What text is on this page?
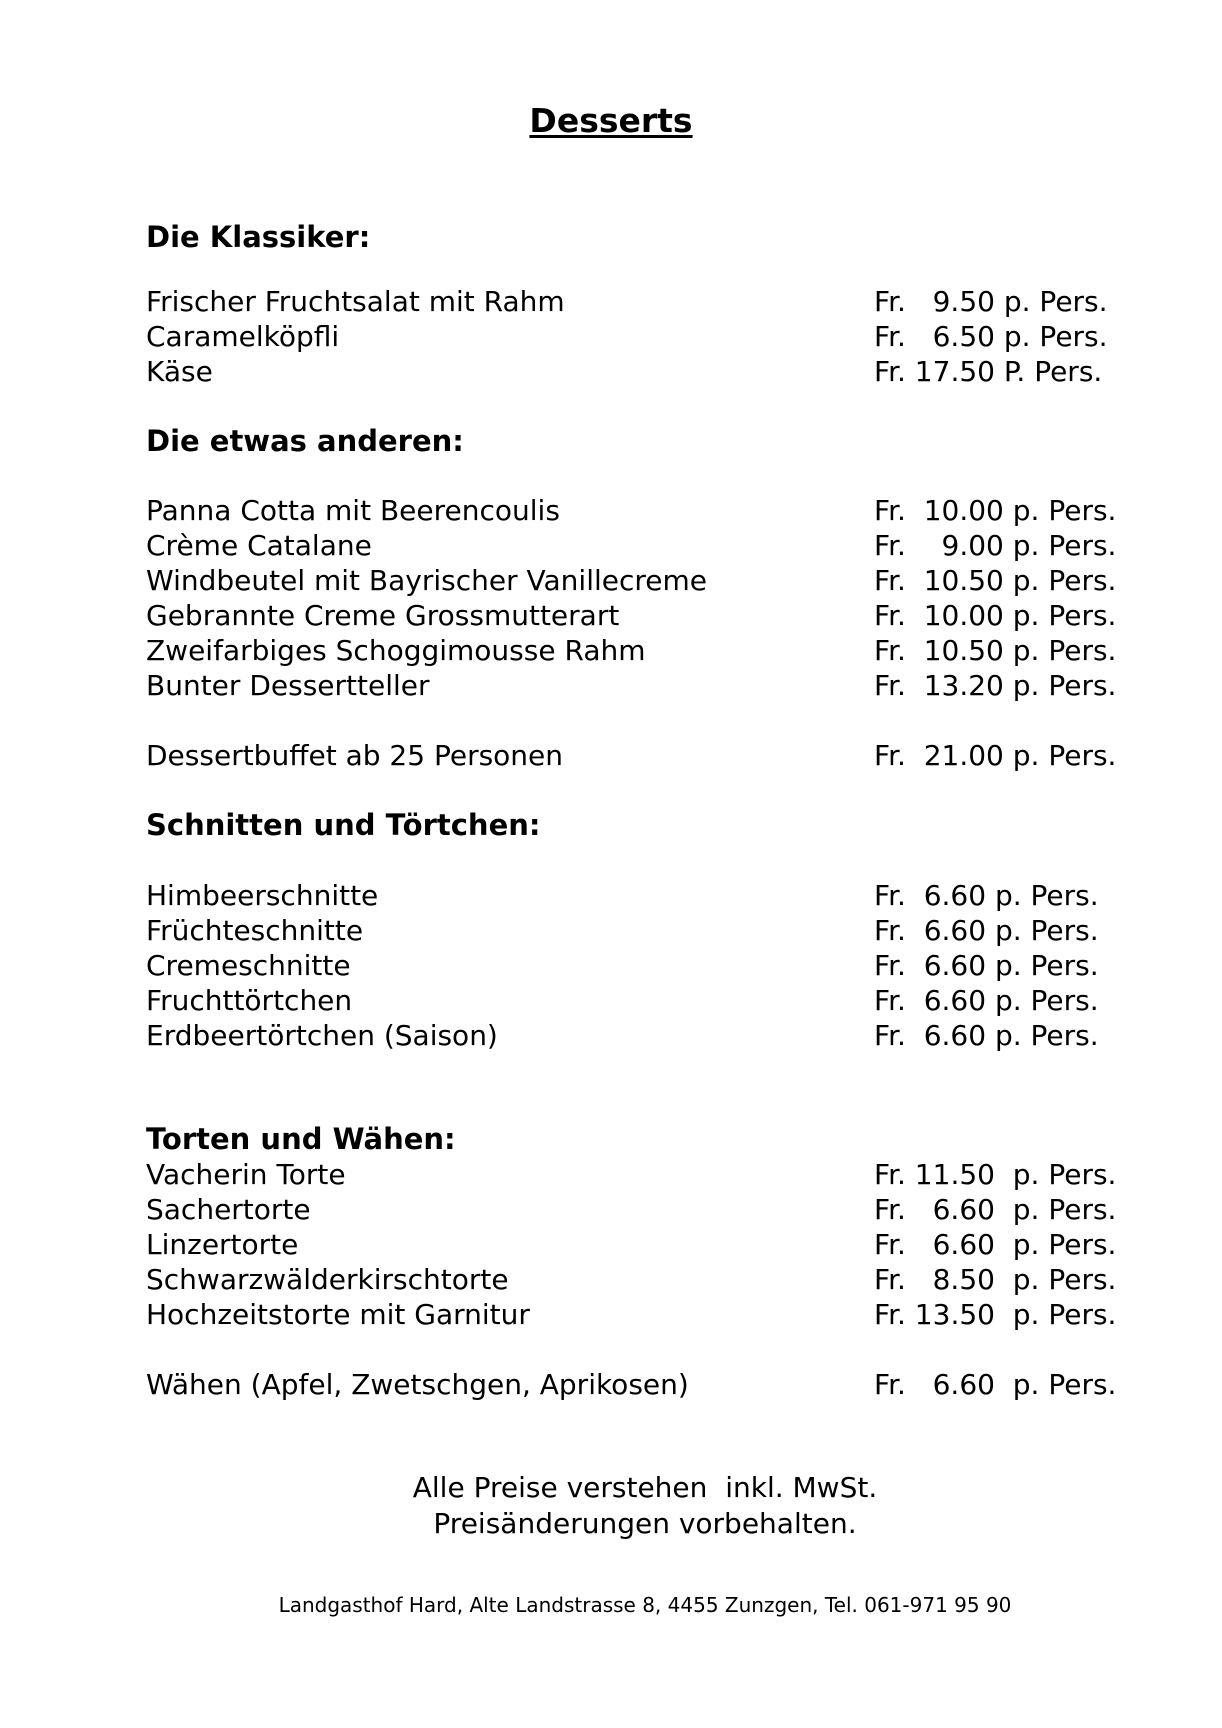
Desserts
Die Klassiker:
Frischer Fruchtsalat mit Rahm	Fr.   9.50 p. Pers.
Caramelköpfli	Fr.   6.50 p. Pers.
Käse	Fr. 17.50 P. Pers.
Die etwas anderen:
Panna Cotta mit Beerencoulis	Fr.  10.00 p. Pers.
Crème Catalane	Fr.    9.00 p. Pers.
Windbeutel mit Bayrischer Vanillecreme	Fr.  10.50 p. Pers.
Gebrannte Creme Grossmutterart	Fr.  10.00 p. Pers.
Zweifarbiges Schoggimousse Rahm	Fr.  10.50 p. Pers.
Bunter Dessertteller	Fr.  13.20 p. Pers.
Dessertbuffet ab 25 Personen	Fr.  21.00 p. Pers.
Schnitten und Törtchen:
Himbeerschnitte	Fr.  6.60 p. Pers.
Früchteschnitte	Fr.  6.60 p. Pers.
Cremeschnitte	Fr.  6.60 p. Pers.
Fruchttörtchen	Fr.  6.60 p. Pers.
Erdbeertörtchen (Saison)	Fr.  6.60 p. Pers.
Torten und Wähen:
Vacherin Torte	Fr. 11.50  p. Pers.
Sachertorte	Fr.   6.60  p. Pers.
Linzertorte	Fr.   6.60  p. Pers.
Schwarzwälderkirschtorte	Fr.   8.50  p. Pers.
Hochzeitstorte mit Garnitur	Fr. 13.50  p. Pers.
Wähen (Apfel, Zwetschgen, Aprikosen)	Fr.   6.60  p. Pers.
Alle Preise verstehen  inkl. MwSt.
Preisänderungen vorbehalten.
Landgasthof Hard, Alte Landstrasse 8, 4455 Zunzgen, Tel. 061-971 95 90
